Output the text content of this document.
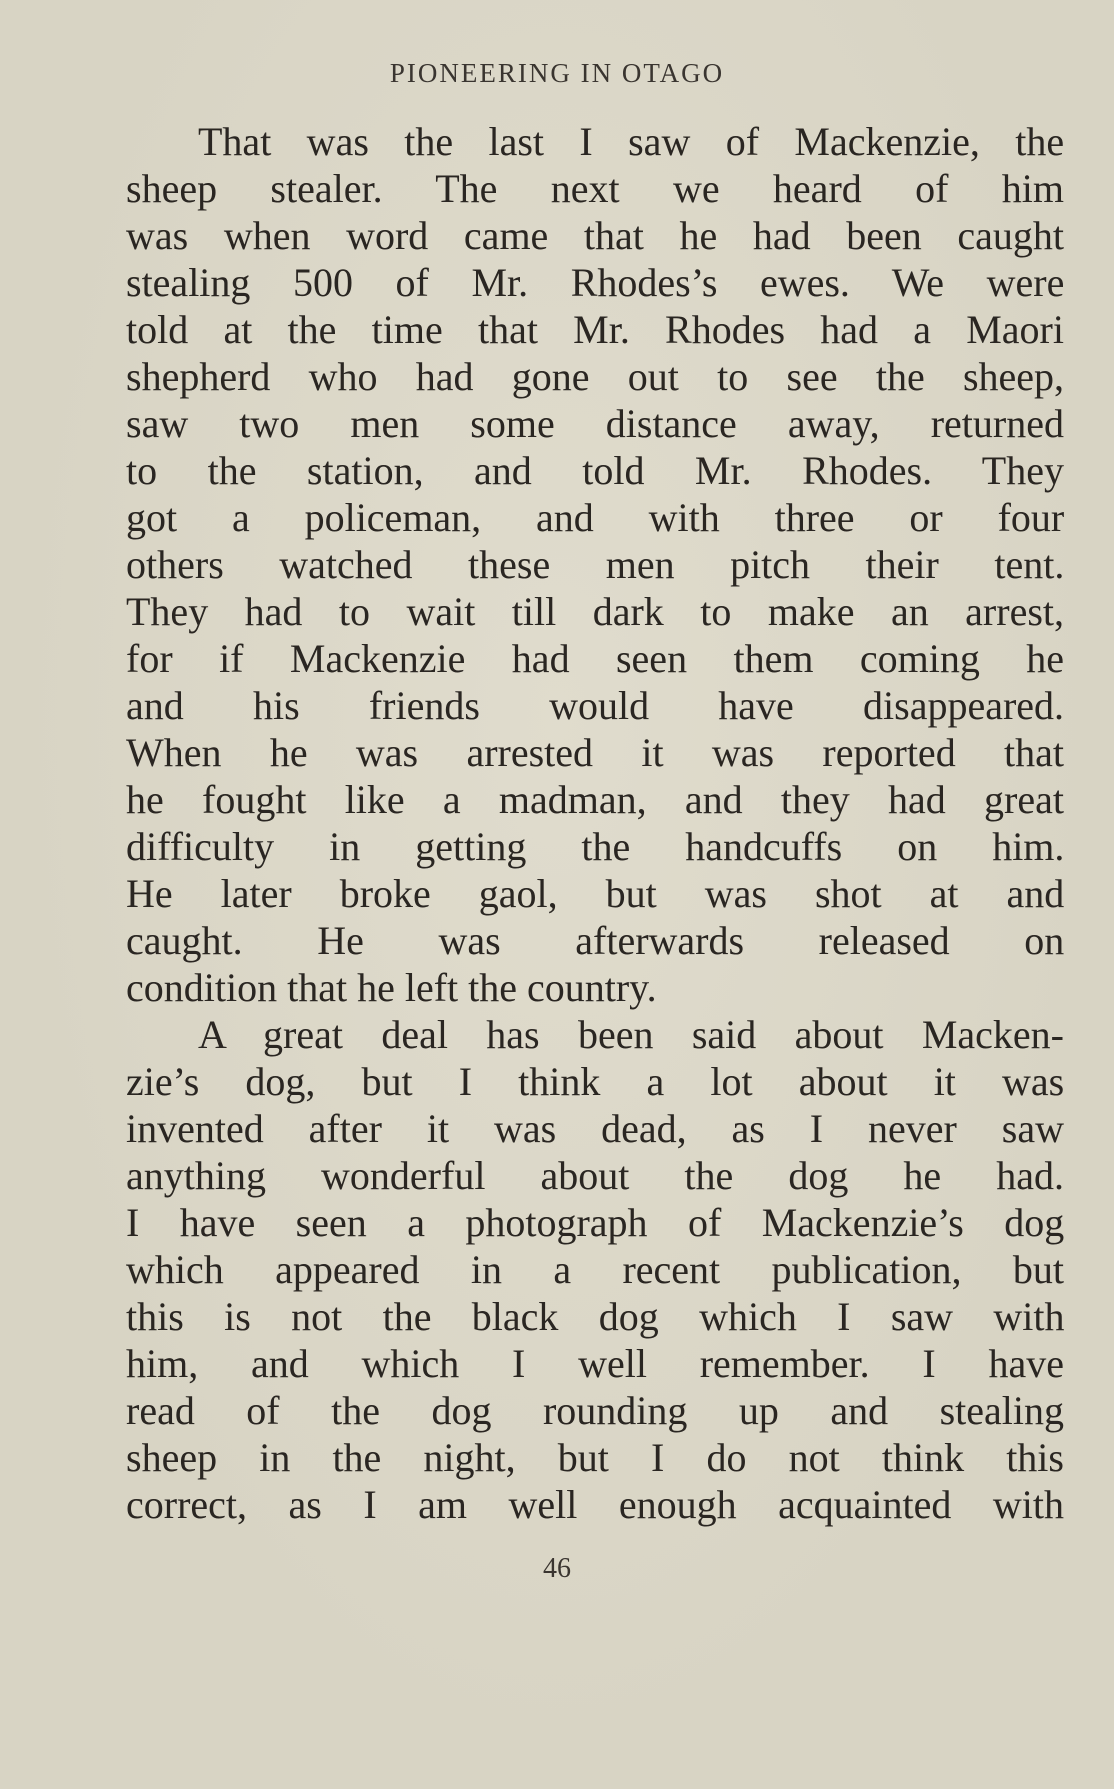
PIONEERING IN OTAGO
That was the last I saw of Mackenzie, the
sheep stealer. The next we heard of him
was when word came that he had been caught
stealing 500 of Mr. Rhodes’s ewes. We were
told at the time that Mr. Rhodes had a Maori
shepherd who had gone out to see the sheep,
saw two men some distance away, returned
to the station, and told Mr. Rhodes. They
got a policeman, and with three or four
others watched these men pitch their tent.
They had to wait till dark to make an arrest,
for if Mackenzie had seen them coming he
and his friends would have disappeared.
When he was arrested it was reported that
he fought like a madman, and they had great
difficulty in getting the handcuffs on him.
He later broke gaol, but was shot at and
caught. He was afterwards released on
condition that he left the country.
A great deal has been said about Macken-
zie’s dog, but I think a lot about it was
invented after it was dead, as I never saw
anything wonderful about the dog he had.
I have seen a photograph of Mackenzie’s dog
which appeared in a recent publication, but
this is not the black dog which I saw with
him, and which I well remember. I have
read of the dog rounding up and stealing
sheep in the night, but I do not think this
correct, as I am well enough acquainted with
46
